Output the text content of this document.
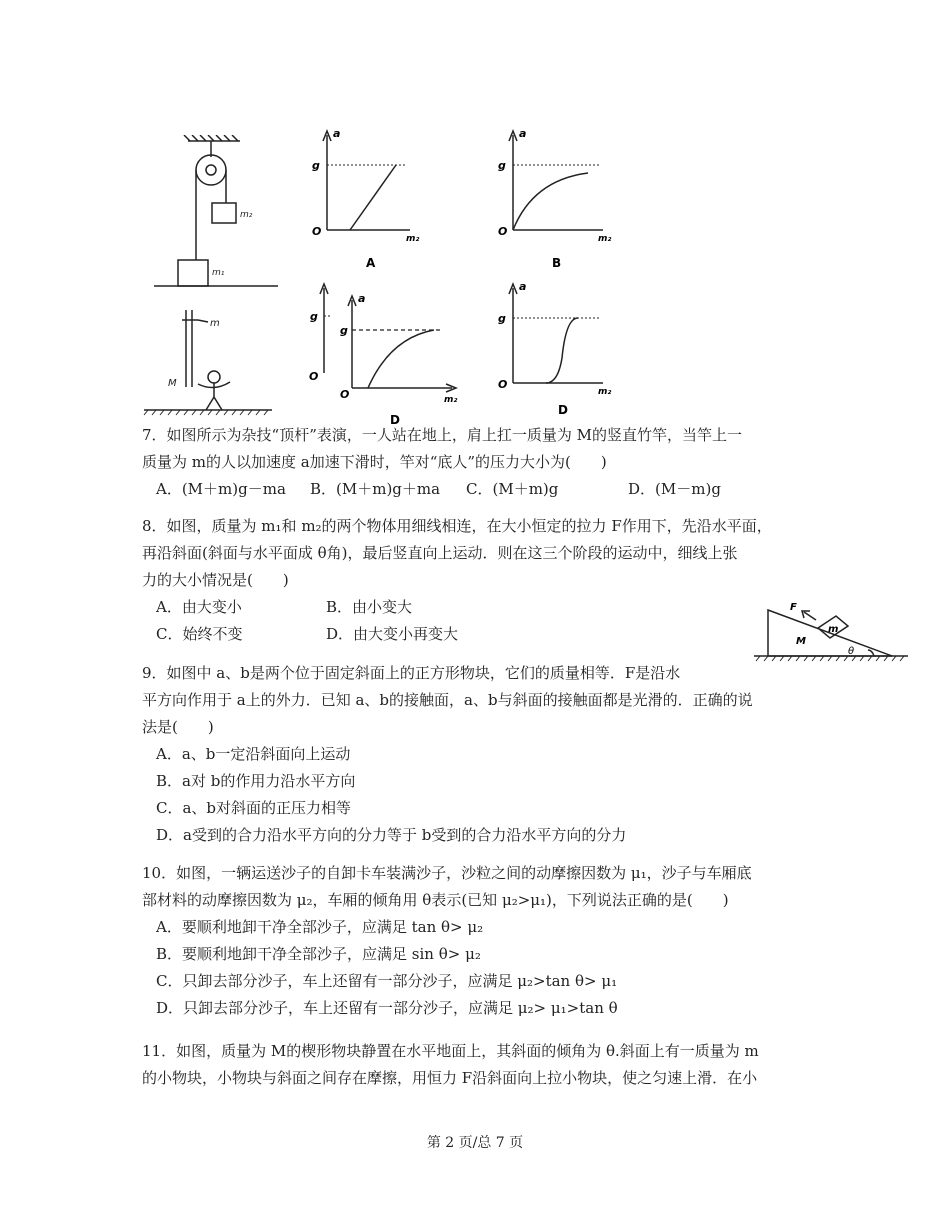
m₂
m₁
m
M
a
g
O
m₂
A
a
g
O
m₂
B
a
g
g
O
O	m₂
D
a
g
O
m₂
D
F
m
M
θ

7．如图所示为杂技“顶杆”表演，一人站在地上，肩上扛一质量为 M的竖直竹竿，当竿上一

质量为 m的人以加速度 a加速下滑时，竿对“底人”的压力大小为(　　)

A．(M＋m)g－ma	B．(M＋m)g＋ma	C．(M＋m)g	D．(M－m)g

8．如图，质量为 m₁和 m₂的两个物体用细线相连，在大小恒定的拉力 F作用下，先沿水平面，

再沿斜面(斜面与水平面成 θ角)，最后竖直向上运动．则在这三个阶段的运动中，细线上张

力的大小情况是(　　)

A．由大变小	B．由小变大
C．始终不变	D．由大变小再变大

9．如图中 a、b是两个位于固定斜面上的正方形物块，它们的质量相等．F是沿水

平方向作用于 a上的外力．已知 a、b的接触面，a、b与斜面的接触面都是光滑的．正确的说

法是(　　)

A．a、b一定沿斜面向上运动

B．a对 b的作用力沿水平方向

C．a、b对斜面的正压力相等

D．a受到的合力沿水平方向的分力等于 b受到的合力沿水平方向的分力

10．如图，一辆运送沙子的自卸卡车装满沙子，沙粒之间的动摩擦因数为 μ₁，沙子与车厢底

部材料的动摩擦因数为 μ₂，车厢的倾角用 θ表示(已知 μ₂>μ₁)，下列说法正确的是(　　)

A．要顺利地卸干净全部沙子，应满足 tan θ> μ₂

B．要顺利地卸干净全部沙子，应满足 sin θ> μ₂

C．只卸去部分沙子，车上还留有一部分沙子，应满足 μ₂>tan θ> μ₁

D．只卸去部分沙子，车上还留有一部分沙子，应满足 μ₂> μ₁>tan θ

11．如图，质量为 M的楔形物块静置在水平地面上，其斜面的倾角为 θ.斜面上有一质量为 m

的小物块，小物块与斜面之间存在摩擦，用恒力 F沿斜面向上拉小物块，使之匀速上滑．在小

第 2 页/总 7 页
